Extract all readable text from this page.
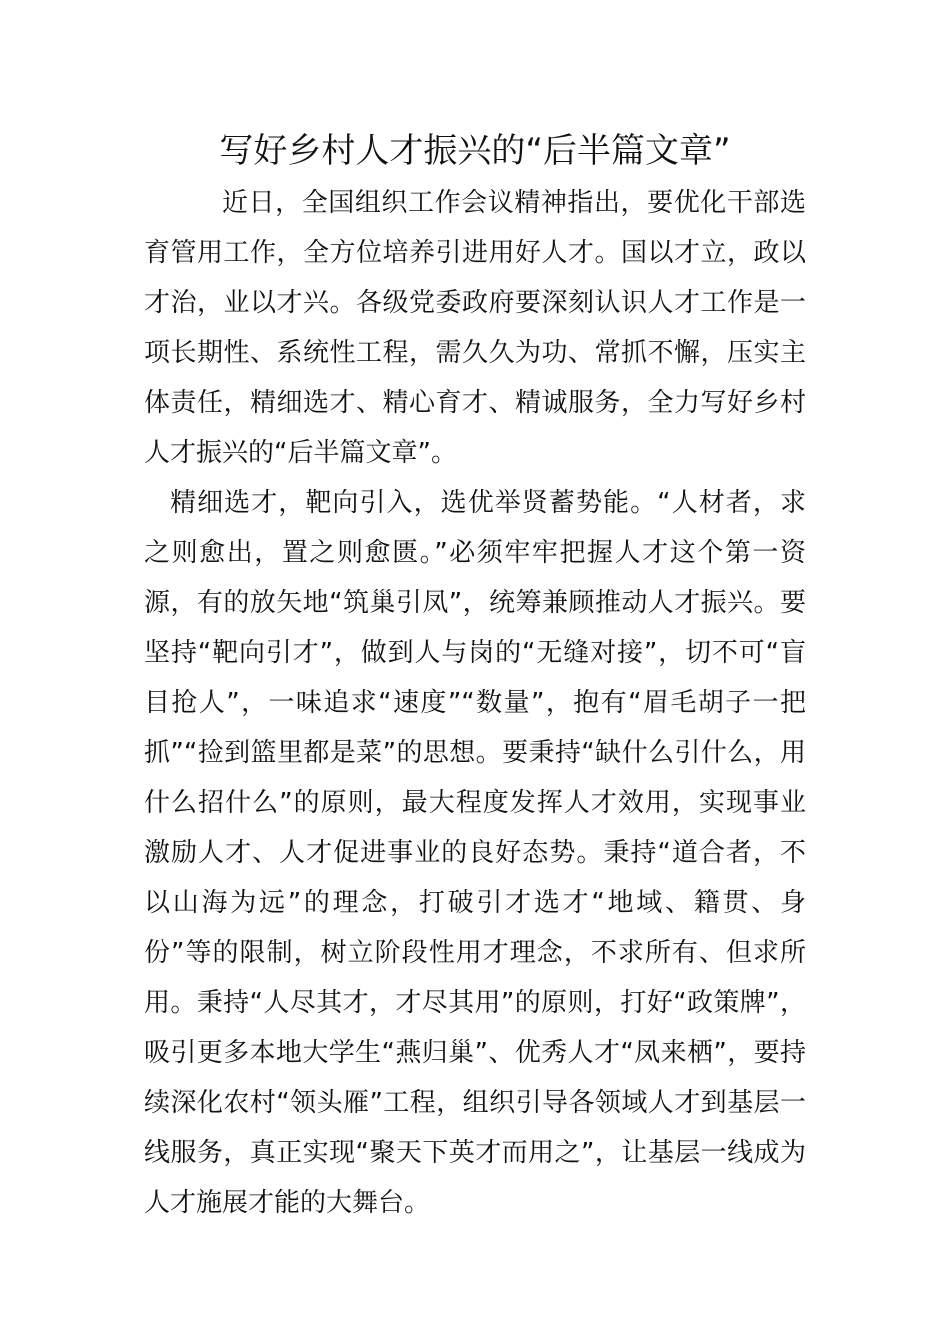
写好乡村人才振兴的“后半篇文章”

近日，全国组织工作会议精神指出，要优化干部选育管用工作，全方位培养引进用好人才。国以才立，政以才治，业以才兴。各级党委政府要深刻认识人才工作是一项长期性、系统性工程，需久久为功、常抓不懈，压实主体责任，精细选才、精心育才、精诚服务，全力写好乡村人才振兴的“后半篇文章”。

精细选才，靶向引入，选优举贤蓄势能。“人材者，求之则愈出，置之则愈匮。”必须牢牢把握人才这个第一资源，有的放矢地“筑巢引凤”，统筹兼顾推动人才振兴。要坚持“靶向引才”，做到人与岗的“无缝对接”，切不可“盲目抢人”，一味追求“速度”“数量”，抱有“眉毛胡子一把抓”“捡到篮里都是菜”的思想。要秉持“缺什么引什么，用什么招什么”的原则，最大程度发挥人才效用，实现事业激励人才、人才促进事业的良好态势。秉持“道合者，不以山海为远”的理念，打破引才选才“地域、籍贯、身份”等的限制，树立阶段性用才理念，不求所有、但求所用。秉持“人尽其才，才尽其用”的原则，打好“政策牌”，吸引更多本地大学生“燕归巢”、优秀人才“凤来栖”，要持续深化农村“领头雁”工程，组织引导各领域人才到基层一线服务，真正实现“聚天下英才而用之”，让基层一线成为人才施展才能的大舞台。
